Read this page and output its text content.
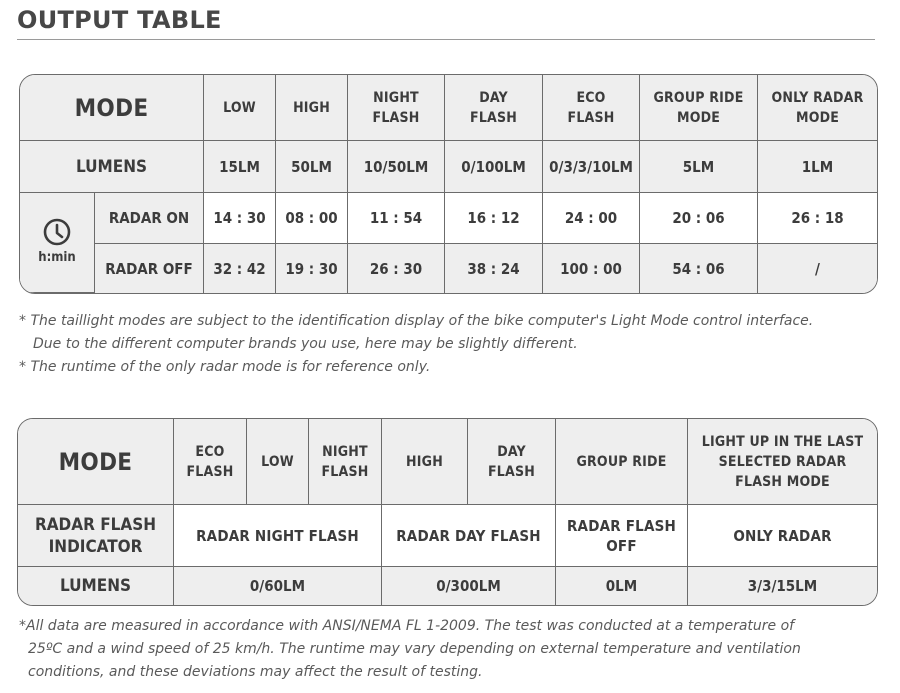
OUTPUT TABLE
MODE		LOW	HIGH	NIGHT FLASH	DAY FLASH	ECO FLASH	GROUP RIDE MODE	ONLY RADAR MODE
LUMENS		15LM	50LM	10/50LM	0/100LM	0/3/3/10LM	5LM	1LM

h:min	RADAR ON	14 : 30	08 : 00	11 : 54	16 : 12	24 : 00	20 : 06	26 : 18
	RADAR OFF	32 : 42	19 : 30	26 : 30	38 : 24	100 : 00	54 : 06	/
* The taillight modes are subject to the identification display of the bike computer's Light Mode control interface.
Due to the different computer brands you use, here may be slightly different.
* The runtime of the only radar mode is for reference only.
MODE	ECO FLASH	LOW	NIGHT FLASH	HIGH	DAY FLASH	GROUP RIDE	LIGHT UP IN THE LAST SELECTED RADAR FLASH MODE
RADAR FLASH INDICATOR	RADAR NIGHT FLASH			RADAR DAY FLASH		RADAR FLASH OFF	ONLY RADAR
LUMENS	0/60LM			0/300LM		0LM	3/3/15LM
*All data are measured in accordance with ANSI/NEMA FL 1-2009. The test was conducted at a temperature of
25ºC and a wind speed of 25 km/h. The runtime may vary depending on external temperature and ventilation
conditions, and these deviations may affect the result of testing.
